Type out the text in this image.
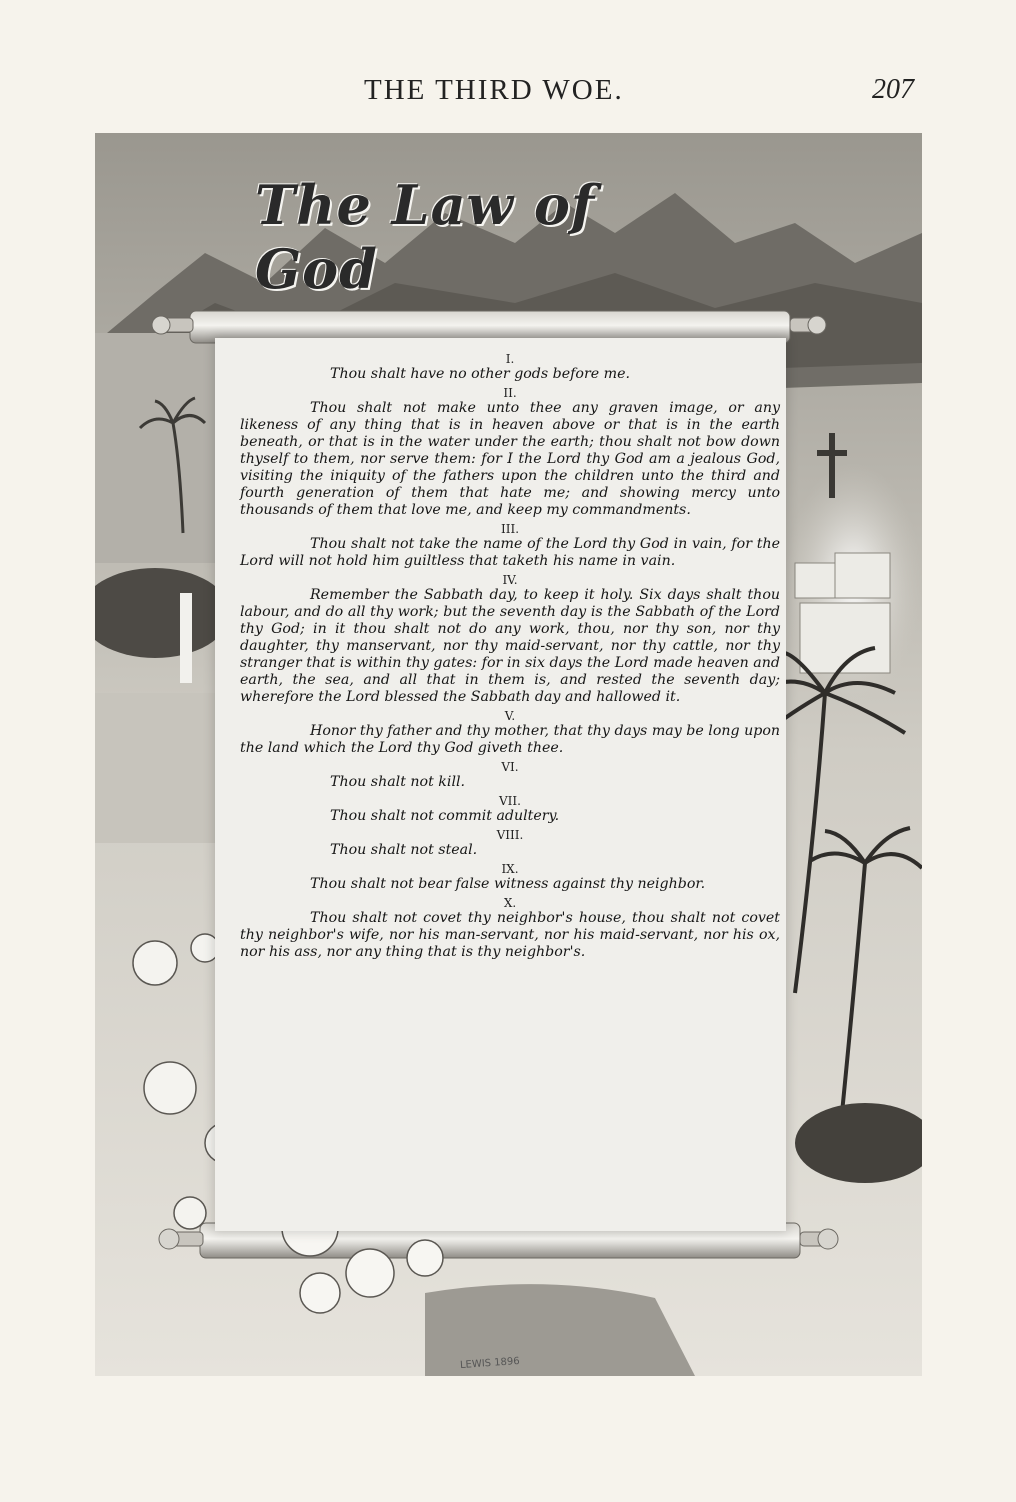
THE THIRD WOE.	207
The Law of God
I.
Thou shalt have no other gods before me.
II.
Thou shalt not make unto thee any graven image, or any likeness of any thing that is in heaven above or that is in the earth beneath, or that is in the water under the earth; thou shalt not bow down thyself to them, nor serve them: for I the Lord thy God am a jealous God, visiting the iniquity of the fathers upon the children unto the third and fourth generation of them that hate me; and showing mercy unto thousands of them that love me, and keep my commandments.
III.
Thou shalt not take the name of the Lord thy God in vain, for the Lord will not hold him guiltless that taketh his name in vain.
IV.
Remember the Sabbath day, to keep it holy. Six days shalt thou labour, and do all thy work; but the seventh day is the Sabbath of the Lord thy God; in it thou shalt not do any work, thou, nor thy son, nor thy daughter, thy manservant, nor thy maid-servant, nor thy cattle, nor thy stranger that is within thy gates: for in six days the Lord made heaven and earth, the sea, and all that in them is, and rested the seventh day; wherefore the Lord blessed the Sabbath day and hallowed it.
V.
Honor thy father and thy mother, that thy days may be long upon the land which the Lord thy God giveth thee.
VI.
Thou shalt not kill.
VII.
Thou shalt not commit adultery.
VIII.
Thou shalt not steal.
IX.
Thou shalt not bear false witness against thy neighbor.
X.
Thou shalt not covet thy neighbor's house, thou shalt not covet thy neighbor's wife, nor his man-servant, nor his maid-servant, nor his ox, nor his ass, nor any thing that is thy neighbor's.
LEWIS 1896
